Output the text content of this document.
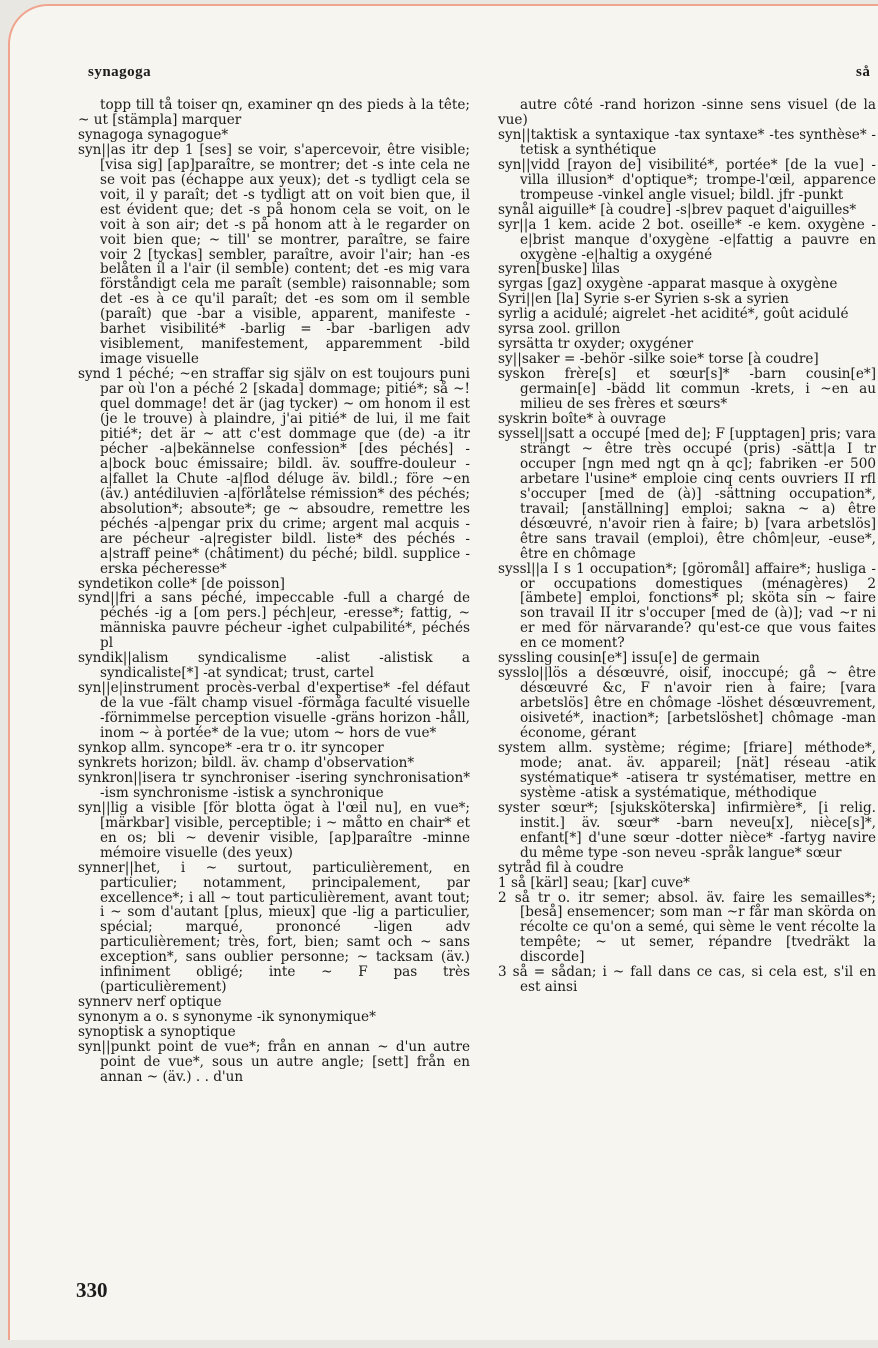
synagoga	så

topp till tå toiser qn, examiner qn des pieds à la tête; ~ ut [stämpla] marquer

synagoga synagogue*

syn||as itr dep 1 [ses] se voir, s'apercevoir, être visible; [visa sig] [ap]paraître, se montrer; det -s inte cela ne se voit pas (échappe aux yeux); det -s tydligt cela se voit, il y paraît; det -s tydligt att on voit bien que, il est évident que; det -s på honom cela se voit, on le voit à son air; det -s på honom att à le regarder on voit bien que; ~ till' se montrer, paraître, se faire voir 2 [tyckas] sembler, paraître, avoir l'air; han -es belåten il a l'air (il semble) content; det -es mig vara förståndigt cela me paraît (semble) raisonnable; som det -es à ce qu'il paraît; det -es som om il semble (paraît) que -bar a visible, apparent, manifeste -barhet visibilité* -barlig = -bar -barligen adv visiblement, manifestement, apparemment -bild image visuelle

synd 1 péché; ~en straffar sig själv on est toujours puni par où l'on a péché 2 [skada] dommage; pitié*; så ~! quel dommage! det är (jag tycker) ~ om honom il est (je le trouve) à plaindre, j'ai pitié* de lui, il me fait pitié*; det är ~ att c'est dommage que (de) -a itr pécher -a|bekännelse confession* [des péchés] -a|bock bouc émissaire; bildl. äv. souffre-douleur -a|fallet la Chute -a|flod déluge äv. bildl.; före ~en (äv.) antédiluvien -a|förlåtelse rémission* des péchés; absolution*; absoute*; ge ~ absoudre, remettre les péchés -a|pengar prix du crime; argent mal acquis -are pécheur -a|register bildl. liste* des péchés -a|straff peine* (châtiment) du péché; bildl. supplice -erska pécheresse*

syndetikon colle* [de poisson]

synd||fri a sans péché, impeccable -full a chargé de péchés -ig a [om pers.] péch|eur, -eresse*; fattig, ~ människa pauvre pécheur -ighet culpabilité*, péchés pl

syndik||alism syndicalisme -alist -alistisk a syndicaliste[*] -at syndicat; trust, cartel

syn||e|instrument procès-verbal d'expertise* -fel défaut de la vue -fält champ visuel -förmåga faculté visuelle -förnimmelse perception visuelle -gräns horizon -håll, inom ~ à portée* de la vue; utom ~ hors de vue*

synkop allm. syncope* -era tr o. itr syncoper

synkrets horizon; bildl. äv. champ d'observation*

synkron||isera tr synchroniser -isering synchronisation* -ism synchronisme -istisk a synchronique

syn||lig a visible [för blotta ögat à l'œil nu], en vue*; [märkbar] visible, perceptible; i ~ måtto en chair* et en os; bli ~ devenir visible, [ap]paraître -minne mémoire visuelle (des yeux)

synner||het, i ~ surtout, particulièrement, en particulier; notamment, principalement, par excellence*; i all ~ tout particulièrement, avant tout; i ~ som d'autant [plus, mieux] que -lig a particulier, spécial; marqué, prononcé -ligen adv particulièrement; très, fort, bien; samt och ~ sans exception*, sans oublier personne; ~ tacksam (äv.) infiniment obligé; inte ~ F pas très (particulièrement)

synnerv nerf optique

synonym a o. s synonyme -ik synonymique*

synoptisk a synoptique

syn||punkt point de vue*; från en annan ~ d'un autre point de vue*, sous un autre angle; [sett] från en annan ~ (äv.) . . d'un

autre côté -rand horizon -sinne sens visuel (de la vue)

syn||taktisk a syntaxique -tax syntaxe* -tes synthèse* -tetisk a synthétique

syn||vidd [rayon de] visibilité*, portée* [de la vue] -villa illusion* d'optique*; trompe-l'œil, apparence trompeuse -vinkel angle visuel; bildl. jfr -punkt

synål aiguille* [à coudre] -s|brev paquet d'aiguilles*

syr||a 1 kem. acide 2 bot. oseille* -e kem. oxygène -e|brist manque d'oxygène -e|fattig a pauvre en oxygène -e|haltig a oxygéné

syren[buske] lilas

syrgas [gaz] oxygène -apparat masque à oxygène

Syri||en [la] Syrie s-er Syrien s-sk a syrien

syrlig a acidulé; aigrelet -het acidité*, goût acidulé

syrsa zool. grillon

syrsätta tr oxyder; oxygéner

sy||saker = -behör -silke soie* torse [à coudre]

syskon frère[s] et sœur[s]* -barn cousin[e*] germain[e] -bädd lit commun -krets, i ~en au milieu de ses frères et sœurs*

syskrin boîte* à ouvrage

syssel||satt a occupé [med de]; F [upptagen] pris; vara strängt ~ être très occupé (pris) -sätt|a I tr occuper [ngn med ngt qn à qc]; fabriken -er 500 arbetare l'usine* emploie cinq cents ouvriers II rfl s'occuper [med de (à)] -sättning occupation*, travail; [anställning] emploi; sakna ~ a) être désœuvré, n'avoir rien à faire; b) [vara arbetslös] être sans travail (emploi), être chôm|eur, -euse*, être en chômage

syssl||a I s 1 occupation*; [göromål] affaire*; husliga -or occupations domestiques (ménagères) 2 [ämbete] emploi, fonctions* pl; sköta sin ~ faire son travail II itr s'occuper [med de (à)]; vad ~r ni er med för närvarande? qu'est-ce que vous faites en ce moment?

syssling cousin[e*] issu[e] de germain

sysslo||lös a désœuvré, oisif, inoccupé; gå ~ être désœuvré &c, F n'avoir rien à faire; [vara arbetslös] être en chômage -löshet désœuvrement, oisiveté*, inaction*; [arbetslöshet] chômage -man économe, gérant

system allm. système; régime; [friare] méthode*, mode; anat. äv. appareil; [nät] réseau -atik systématique* -atisera tr systématiser, mettre en système -atisk a systématique, méthodique

syster sœur*; [sjuksköterska] infirmière*, [i relig. instit.] äv. sœur* -barn neveu[x], nièce[s]*, enfant[*] d'une sœur -dotter nièce* -fartyg navire du même type -son neveu -språk langue* sœur

sytråd fil à coudre

1 så [kärl] seau; [kar] cuve*

2 så tr o. itr semer; absol. äv. faire les semailles*; [beså] ensemencer; som man ~r får man skörda on récolte ce qu'on a semé, qui sème le vent récolte la tempête; ~ ut semer, répandre [tvedräkt la discorde]

3 så = sådan; i ~ fall dans ce cas, si cela est, s'il en est ainsi

330
